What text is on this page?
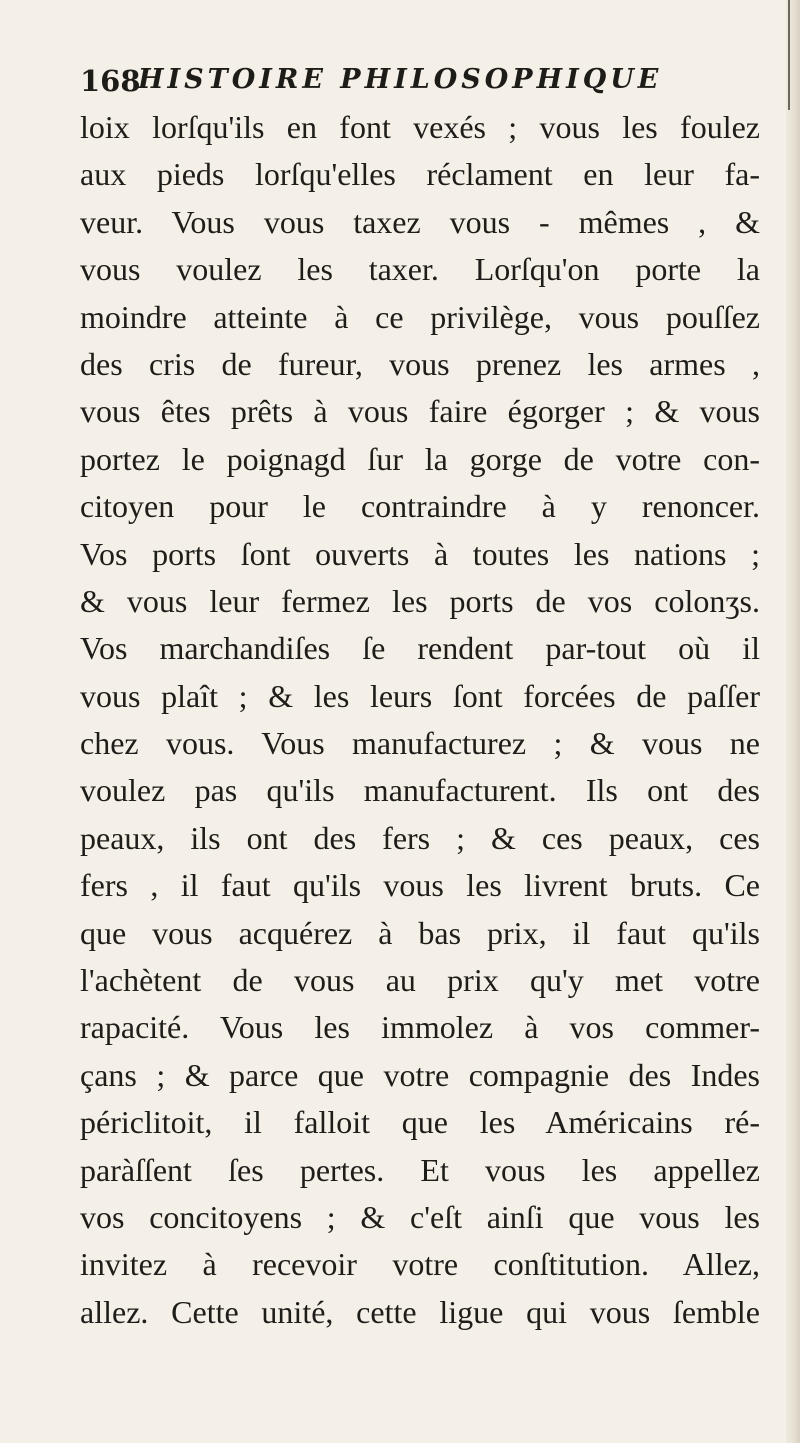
168
HISTOIRE PHILOSOPHIQUE
loix lorſqu'ils en font vexés ; vous les foulez
aux pieds lorſqu'elles réclament en leur fa-
veur. Vous vous taxez vous - mêmes , &
vous voulez les taxer. Lorſqu'on porte la
moindre atteinte à ce privilège, vous pouſſez
des cris de fureur, vous prenez les armes ,
vous êtes prêts à vous faire égorger ; & vous
portez le poignagd ſur la gorge de votre con-
citoyen pour le contraindre à y renoncer.
Vos ports ſont ouverts à toutes les nations ;
& vous leur fermez les ports de vos colonʒs.
Vos marchandiſes ſe rendent par-tout où il
vous plaît ; & les leurs ſont forcées de paſſer
chez vous. Vous manufacturez ; & vous ne
voulez pas qu'ils manufacturent. Ils ont des
peaux, ils ont des fers ; & ces peaux, ces
fers , il faut qu'ils vous les livrent bruts. Ce
que vous acquérez à bas prix, il faut qu'ils
l'achètent de vous au prix qu'y met votre
rapacité. Vous les immolez à vos commer-
çans ; & parce que votre compagnie des Indes
périclitoit, il falloit que les Américains ré-
paràſſent ſes pertes. Et vous les appellez
vos concitoyens ; & c'eſt ainſi que vous les
invitez à recevoir votre conſtitution. Allez,
allez. Cette unité, cette ligue qui vous ſemble
